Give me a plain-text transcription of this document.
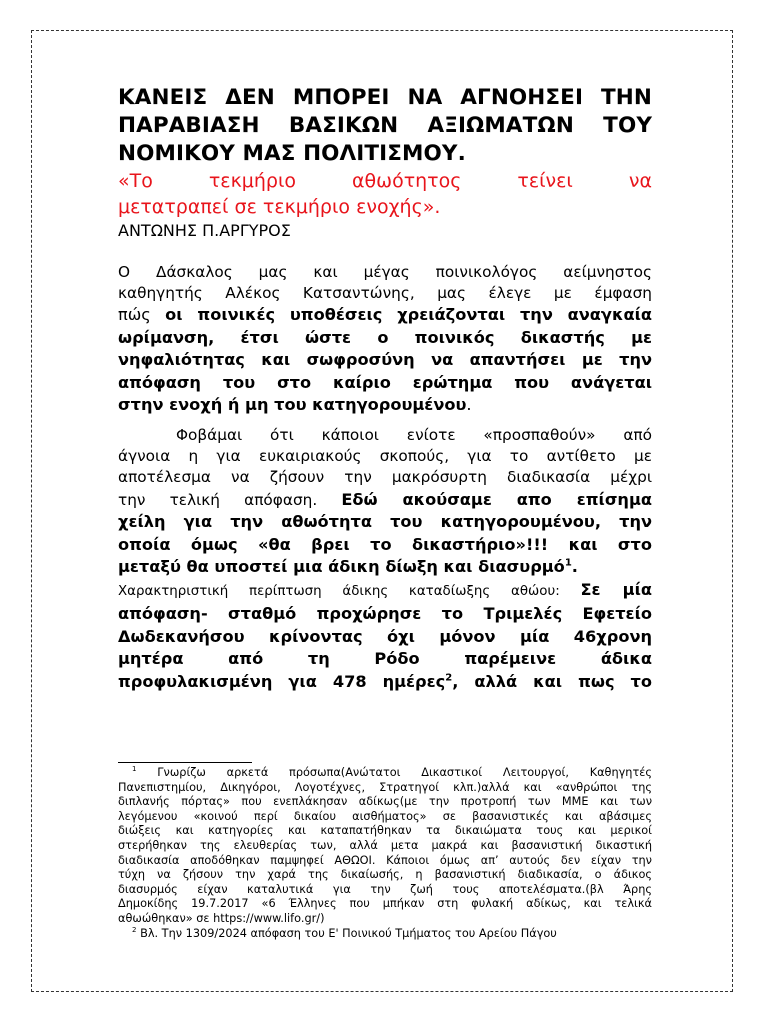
ΚΑΝΕΙΣ ΔΕΝ ΜΠΟΡΕΙ ΝΑ ΑΓΝΟΗΣΕΙ ΤΗΝ
ΠΑΡΑΒΙΑΣΗ ΒΑΣΙΚΩΝ ΑΞΙΩΜΑΤΩΝ ΤΟΥ
ΝΟΜΙΚΟΥ ΜΑΣ ΠΟΛΙΤΙΣΜΟΥ.

«Το τεκμήριο αθωότητος τείνει να
μετατραπεί σε τεκμήριο ενοχής».

ΑΝΤΩΝΗΣ Π.ΑΡΓΥΡΟΣ

Ο Δάσκαλος μας και μέγας ποινικολόγος αείμνηστος
καθηγητής Αλέκος Κατσαντώνης, μας έλεγε με έμφαση
πώς οι ποινικές υποθέσεις χρειάζονται την αναγκαία
ωρίμανση, έτσι ώστε ο ποινικός δικαστής με
νηφαλιότητας και σωφροσύνη να απαντήσει με την
απόφαση του στο καίριο ερώτημα που ανάγεται
στην ενοχή ή μη του κατηγορουμένου.
Φοβάμαι ότι κάποιοι ενίοτε «προσπαθούν» από
άγνοια η για ευκαιριακούς σκοπούς, για το αντίθετο με
αποτέλεσμα να ζήσουν την μακρόσυρτη διαδικασία μέχρι
την τελική απόφαση. Εδώ ακούσαμε απο επίσημα
χείλη για την αθωότητα του κατηγορουμένου, την
οποία όμως «θα βρει το δικαστήριο»!!! και στο
μεταξύ θα υποστεί μια άδικη δίωξη και διασυρμό$^1$.
Χαρακτηριστική περίπτωση άδικης καταδίωξης αθώου: Σε μία
απόφαση- σταθμό προχώρησε το Τριμελές Εφετείο
Δωδεκανήσου κρίνοντας όχι μόνον μία 46χρονη
μητέρα από τη Ρόδο παρέμεινε άδικα
προφυλακισμένη για 478 ημέρες$^2$, αλλά και πως το
$^1$ Γνωρίζω αρκετά πρόσωπα(Ανώτατοι Δικαστικοί Λειτουργοί, Καθηγητές
Πανεπιστημίου, Δικηγόροι, Λογοτέχνες, Στρατηγοί κλπ.)αλλά και «ανθρώποι της
διπλανής πόρτας» που ενεπλάκησαν αδίκως(με την προτροπή των ΜΜΕ και των
λεγόμενου «κοινού περί δικαίου αισθήματος» σε βασανιστικές και αβάσιμες
διώξεις και κατηγορίες και καταπατήθηκαν τα δικαιώματα τους και μερικοί
στερήθηκαν της ελευθερίας των, αλλά μετα μακρά και βασανιστική δικαστική
διαδικασία αποδόθηκαν παμψηφεί ΑΘΩΟΙ. Κάποιοι όμως απ’ αυτούς δεν είχαν την
τύχη να ζήσουν την χαρά της δικαίωσής, η βασανιστική διαδικασία, ο άδικος
διασυρμός είχαν καταλυτικά για την ζωή τους αποτελέσματα.(βλ Άρης
Δημοκίδης 19.7.2017 «6 Έλληνες που μπήκαν στη φυλακή αδίκως, και τελικά
αθωώθηκαν» σε https://www.lifo.gr/)
$^2$ Βλ. Την 1309/2024 απόφαση του Ε' Ποινικού Τμήματος του Αρείου Πάγου
